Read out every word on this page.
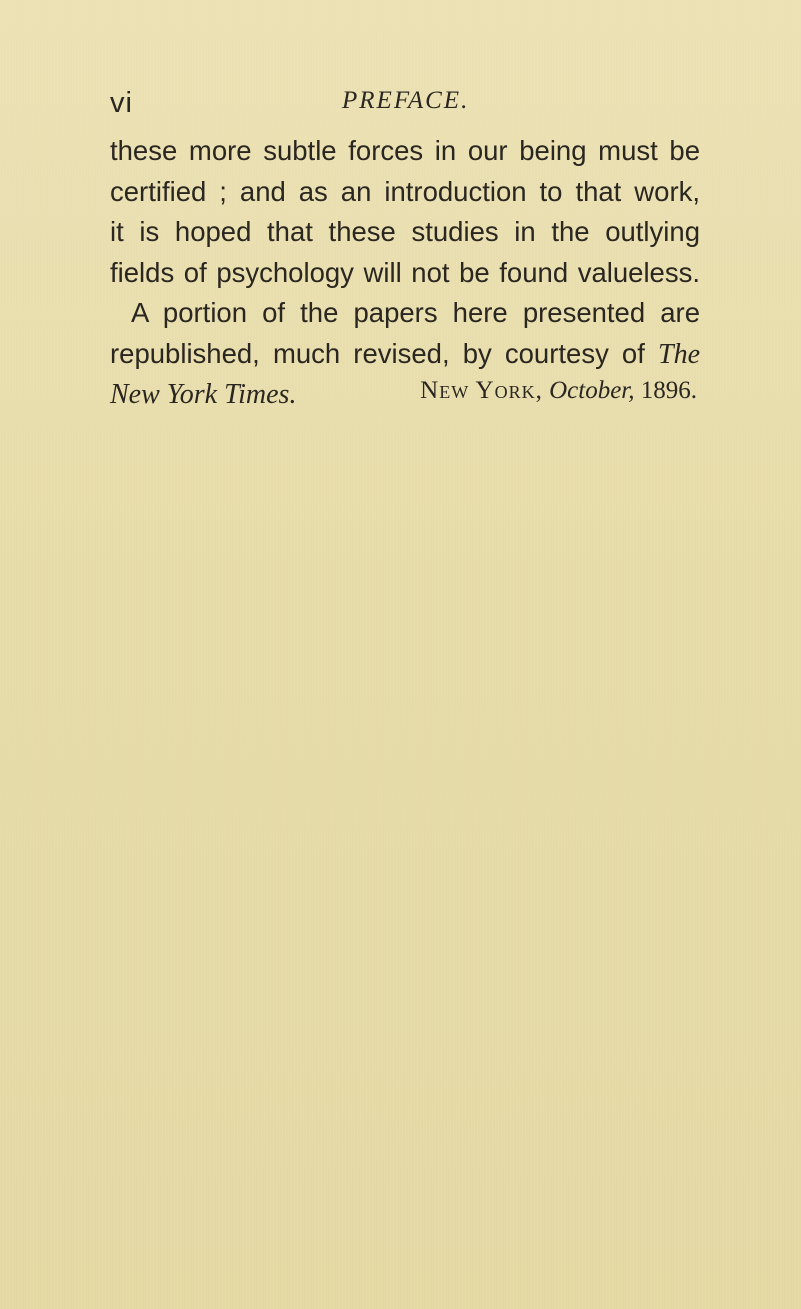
vi	PREFACE.
these more subtle forces in our being must be
certified ; and as an introduction to that work,
it is hoped that these studies in the outlying
fields of psychology will not be found valueless.
A portion of the papers here presented are
republished, much revised, by courtesy of The
New York Times.	New York, October, 1896.
